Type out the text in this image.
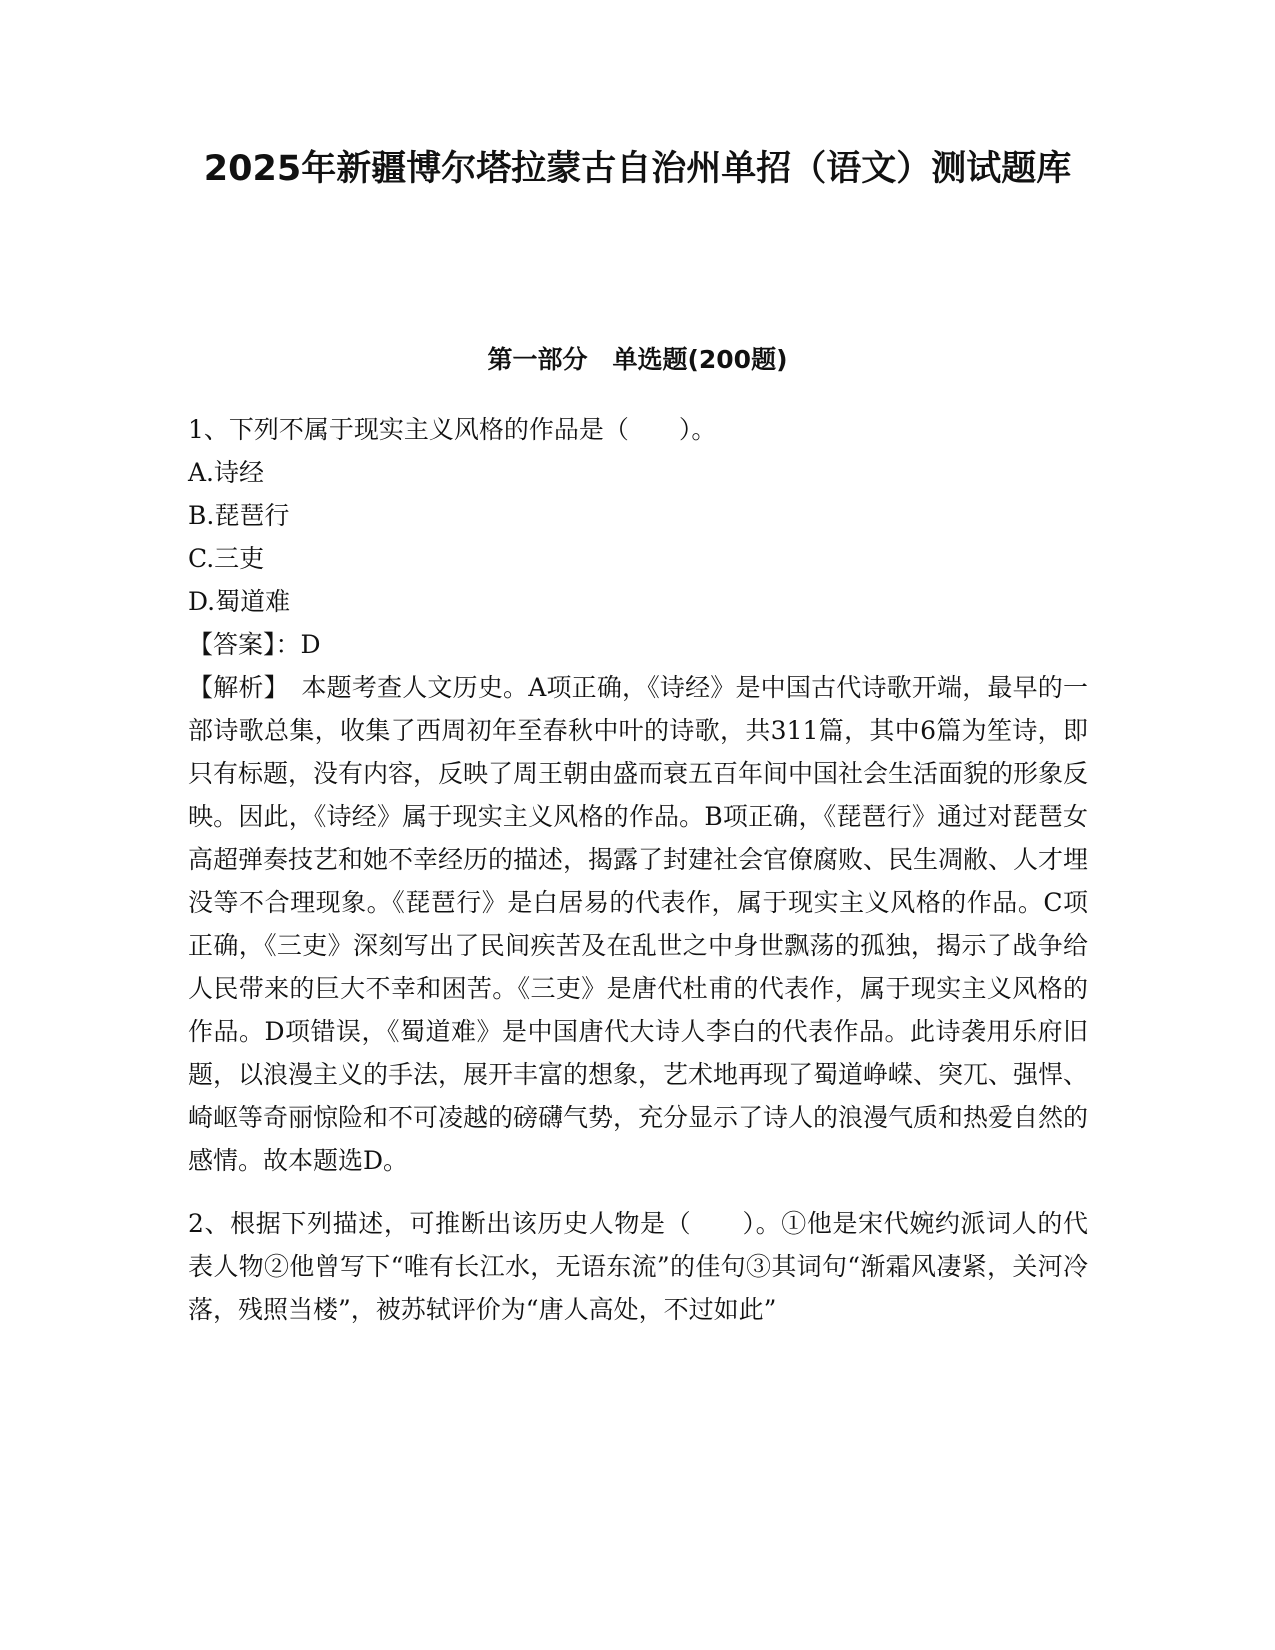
2025年新疆博尔塔拉蒙古自治州单招（语文）测试题库
第一部分　单选题(200题)

1、下列不属于现实主义风格的作品是（　　）。

A.诗经

B.琵琶行

C.三吏

D.蜀道难

【答案】：D

【解析】　本题考查人文历史。A项正确，《诗经》是中国古代诗歌开端，最早的一部诗歌总集，收集了西周初年至春秋中叶的诗歌，共311篇，其中6篇为笙诗，即只有标题，没有内容，反映了周王朝由盛而衰五百年间中国社会生活面貌的形象反映。因此，《诗经》属于现实主义风格的作品。B项正确，《琵琶行》通过对琵琶女高超弹奏技艺和她不幸经历的描述，揭露了封建社会官僚腐败、民生凋敝、人才埋没等不合理现象。《琵琶行》是白居易的代表作，属于现实主义风格的作品。C项正确，《三吏》深刻写出了民间疾苦及在乱世之中身世飘荡的孤独，揭示了战争给人民带来的巨大不幸和困苦。《三吏》是唐代杜甫的代表作，属于现实主义风格的作品。D项错误，《蜀道难》是中国唐代大诗人李白的代表作品。此诗袭用乐府旧题，以浪漫主义的手法，展开丰富的想象，艺术地再现了蜀道峥嵘、突兀、强悍、崎岖等奇丽惊险和不可凌越的磅礴气势，充分显示了诗人的浪漫气质和热爱自然的感情。故本题选D。

2、根据下列描述，可推断出该历史人物是（　　）。①他是宋代婉约派词人的代表人物②他曾写下“唯有长江水，无语东流”的佳句③其词句“渐霜风凄紧，关河冷落，残照当楼”，被苏轼评价为“唐人高处，不过如此”
